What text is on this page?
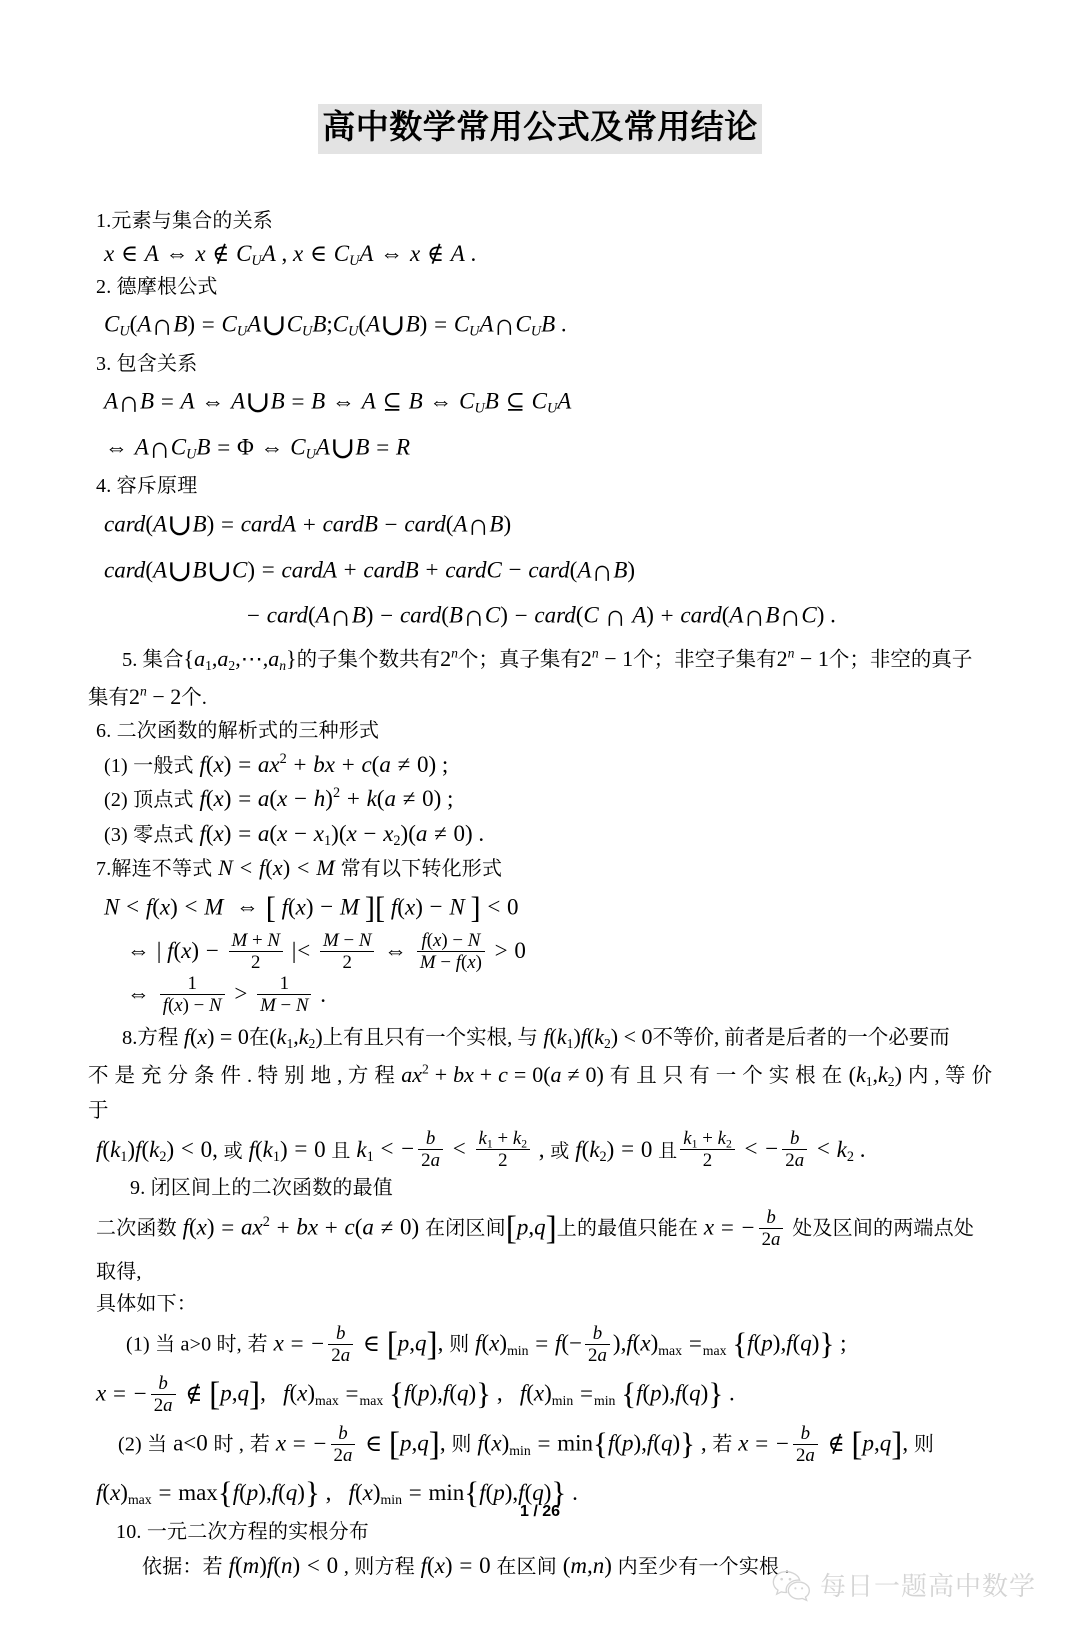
高中数学常用公式及常用结论
1.元素与集合的关系
x ∈ A ⇔ x ∉ $C_UA$ , x ∈ $C_UA$ ⇔ x ∉ A .
2. 德摩根公式
$C_U(A\cap B)$ = $C_UA\cup C_UB;C_U(A\cup B)$ = $C_UA\cap C_UB$ .
3. 包含关系
A∩B = A ⇔ A∪B = B ⇔ A ⊆ B ⇔ $C_UB$ ⊆ $C_UA$
⇔ $A\cap C_UB = \Phi$ ⇔ $C_UA\cup B = R$
4. 容斥原理
card(A∪B) = cardA + cardB − card(A∩B)
card(A∪B∪C) = cardA + cardB + cardC − card(A∩B)
− card(A∩B) − card(B∩C) − card(C ∩ A) + card(A∩B∩C) .
5. 集合$\{a_1,a_2,\cdots,a_n\}$的子集个数共有2$^n$个；真子集有$2^n - 1$个；非空子集有$2^n - 1$个；非空的真子
集有$2^n - 2$个.
6. 二次函数的解析式的三种形式
(1) 一般式 $f(x) = ax^2$ + bx + c(a ≠ 0) ;
(2) 顶点式 $f(x) = a(x - h)^2 + k(a \ne 0)$ ;
(3) 零点式 $f(x) = a(x - x_1)(x - x_2)(a \ne 0)$ .
7.解连不等式 N < f(x) < M 常有以下转化形式
N < f(x) < M ⇔ [ f(x) − M ][ f(x) − N ] < 0
⇔ | $f(x) - \frac{M + N}{2}$ |< $\frac{M - N}{2}$ ⇔ $\frac{f(x) - N}{M - f(x)} > 0$
⇔ $\frac{1}{f(x) - N} > \frac{1}{M - N}$ .
8.方程 f(x) = 0在$(k_1,k_2)$上有且只有一个实根, 与 $f(k_1)f(k_2) < 0$不等价, 前者是后者的一个必要而
不 是 充 分 条 件 . 特 别 地 , 方 程 $ax^2$ + bx + c = 0(a ≠ 0) 有 且 只 有 一 个 实 根 在 $(k_1,k_2)$ 内 , 等 价 于
$f(k_1)f(k_2) < 0$, 或 $f(k_1) = 0$ 且 $k_1$ < − $\frac{b}{2a} < \frac{k_1 + k_2}{2}$ , 或 $f(k_2) = 0$ 且 $\frac{k_1 + k_2}{2}$ < − $\frac{b}{2a} < k_2$ .
9. 闭区间上的二次函数的最值
二次函数 $f(x) = ax^2$ + bx + c(a ≠ 0) 在闭区间[p,q]上的最值只能在 x = − $\frac{b}{2a}$ 处及区间的两端点处取得,
具体如下：
(1) 当 a>0 时, 若 x = − $\frac{b}{2a}$ ∈ [p,q], 则 $f(x)\min = f(- \frac{b}{2a} ),f(x)\max =\max$ {f(p),f(q)} ;
x = − $\frac{b}{2a}$ ∉ [p,q],   f(x)max =max {f(p),f(q)} ,   f(x)min =min {f(p),f(q)} .
(2) 当 a<0 时 , 若 x = − $\frac{b}{2a}$ ∈ [p,q], 则 f(x)min = min{f(p),f(q)} , 若 x = − $\frac{b}{2a}$ ∉ [p,q], 则
f(x)max = max{f(p),f(q)} ,   f(x)min = min{f(p),f(q)} .
10. 一元二次方程的实根分布
依据：若 f(m)f(n) < 0 , 则方程 f(x) = 0 在区间 (m,n) 内至少有一个实根 .
1 / 26
每日一题高中数学
